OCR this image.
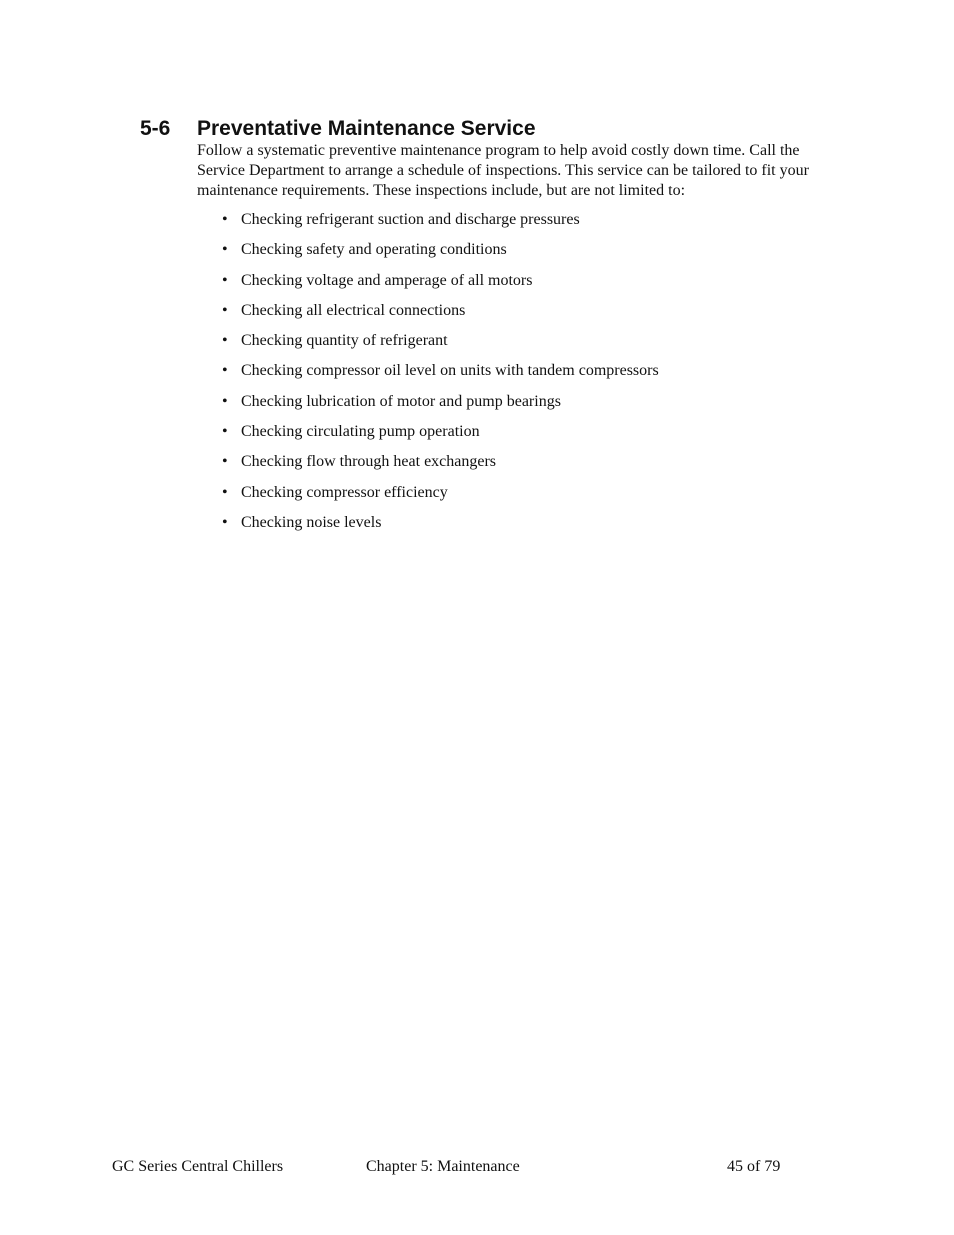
5-6 Preventative Maintenance Service

Follow a systematic preventive maintenance program to help avoid costly down time. Call the Service Department to arrange a schedule of inspections. This service can be tailored to fit your maintenance requirements. These inspections include, but are not limited to:

• Checking refrigerant suction and discharge pressures
• Checking safety and operating conditions
• Checking voltage and amperage of all motors
• Checking all electrical connections
• Checking quantity of refrigerant
• Checking compressor oil level on units with tandem compressors
• Checking lubrication of motor and pump bearings
• Checking circulating pump operation
• Checking flow through heat exchangers
• Checking compressor efficiency
• Checking noise levels
GC Series Central Chillers	Chapter 5: Maintenance	45 of 79
